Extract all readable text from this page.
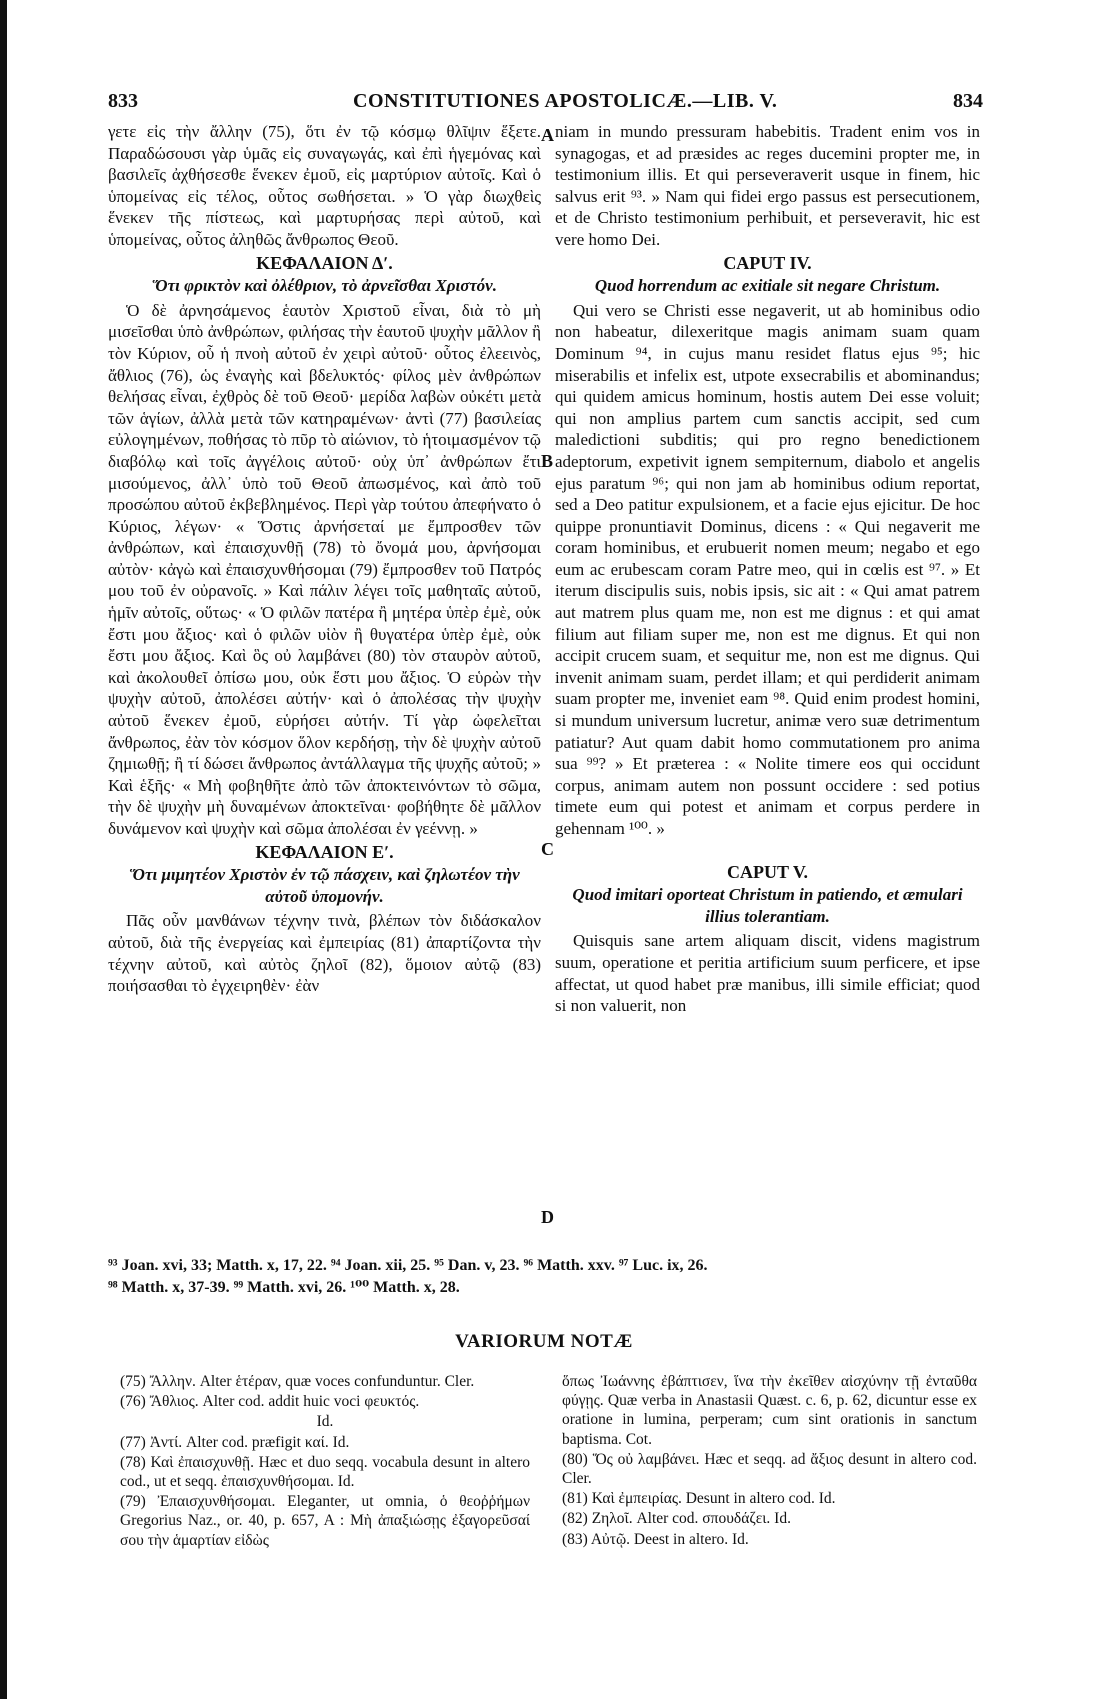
833	CONSTITUTIONES APOSTOLICÆ.—LIB. V.	834

γετε εἰς τὴν ἄλλην (75), ὅτι ἐν τῷ κόσμῳ θλῖψιν ἕξετε. Παραδώσουσι γὰρ ὑμᾶς εἰς συναγωγάς, καὶ ἐπὶ ἡγεμόνας καὶ βασιλεῖς ἀχθήσεσθε ἕνεκεν ἐμοῦ, εἰς μαρτύριον αὐτοῖς. Καὶ ὁ ὑπομείνας εἰς τέλος, οὗτος σωθήσεται. » Ὁ γὰρ διωχθεὶς ἕνεκεν τῆς πίστεως, καὶ μαρτυρήσας περὶ αὐτοῦ, καὶ ὑπομείνας, οὗτος ἀληθῶς ἄνθρωπος Θεοῦ.

ΚΕΦΑΛΑΙΟΝ Δʹ.
Ὅτι φρικτὸν καὶ ὀλέθριον, τὸ ἀρνεῖσθαι Χριστόν.

Ὁ δὲ ἀρνησάμενος ἑαυτὸν Χριστοῦ εἶναι, διὰ τὸ μὴ μισεῖσθαι ὑπὸ ἀνθρώπων, φιλήσας τὴν ἑαυτοῦ ψυχὴν μᾶλλον ἢ τὸν Κύριον, οὗ ἡ πνοὴ αὐτοῦ ἐν χειρὶ αὐτοῦ· οὗτος ἐλεεινὸς, ἄθλιος (76), ὡς ἐναγὴς καὶ βδελυκτός· φίλος μὲν ἀνθρώπων θελήσας εἶναι, ἐχθρὸς δὲ τοῦ Θεοῦ· μερίδα λαβὼν οὐκέτι μετὰ τῶν ἁγίων, ἀλλὰ μετὰ τῶν κατηραμένων· ἀντὶ (77) βασιλείας εὐλογημένων, ποθήσας τὸ πῦρ τὸ αἰώνιον, τὸ ἡτοιμασμένον τῷ διαβόλῳ καὶ τοῖς ἀγγέλοις αὐτοῦ· οὐχ ὑπ᾽ ἀνθρώπων ἔτι μισούμενος, ἀλλ᾽ ὑπὸ τοῦ Θεοῦ ἀπωσμένος, καὶ ἀπὸ τοῦ προσώπου αὐτοῦ ἐκβεβλημένος. Περὶ γὰρ τούτου ἀπεφήνατο ὁ Κύριος, λέγων· « Ὅστις ἀρνήσεταί με ἔμπροσθεν τῶν ἀνθρώπων, καὶ ἐπαισχυνθῇ (78) τὸ ὄνομά μου, ἀρνήσομαι αὐτὸν· κἀγὼ καὶ ἐπαισχυνθήσομαι (79) ἔμπροσθεν τοῦ Πατρός μου τοῦ ἐν οὐρανοῖς. » Καὶ πάλιν λέγει τοῖς μαθηταῖς αὐτοῦ, ἡμῖν αὐτοῖς, οὕτως· « Ὁ φιλῶν πατέρα ἢ μητέρα ὑπὲρ ἐμὲ, οὐκ ἔστι μου ἄξιος· καὶ ὁ φιλῶν υἱὸν ἢ θυγατέρα ὑπὲρ ἐμὲ, οὐκ ἔστι μου ἄξιος. Καὶ ὃς οὐ λαμβάνει (80) τὸν σταυρὸν αὐτοῦ, καὶ ἀκολουθεῖ ὀπίσω μου, οὐκ ἔστι μου ἄξιος. Ὁ εὑρὼν τὴν ψυχὴν αὐτοῦ, ἀπολέσει αὐτήν· καὶ ὁ ἀπολέσας τὴν ψυχὴν αὐτοῦ ἕνεκεν ἐμοῦ, εὑρήσει αὐτήν. Τί γὰρ ὠφελεῖται ἄνθρωπος, ἐὰν τὸν κόσμον ὅλον κερδήσῃ, τὴν δὲ ψυχὴν αὐτοῦ ζημιωθῇ; ἢ τί δώσει ἄνθρωπος ἀντάλλαγμα τῆς ψυχῆς αὐτοῦ; » Καὶ ἑξῆς· « Μὴ φοβηθῆτε ἀπὸ τῶν ἀποκτεινόντων τὸ σῶμα, τὴν δὲ ψυχὴν μὴ δυναμένων ἀποκτεῖναι· φοβήθητε δὲ μᾶλλον δυνάμενον καὶ ψυχὴν καὶ σῶμα ἀπολέσαι ἐν γεέννῃ. »

ΚΕΦΑΛΑΙΟΝ Εʹ.
Ὅτι μιμητέον Χριστὸν ἐν τῷ πάσχειν, καὶ ζηλωτέον τὴν αὐτοῦ ὑπομονήν.

Πᾶς οὖν μανθάνων τέχνην τινὰ, βλέπων τὸν διδάσκαλον αὐτοῦ, διὰ τῆς ἐνεργείας καὶ ἐμπειρίας (81) ἀπαρτίζοντα τὴν τέχνην αὐτοῦ, καὶ αὐτὸς ζηλοῖ (82), ὅμοιον αὐτῷ (83) ποιήσασθαι τὸ ἐγχειρηθὲν· ἐὰν

A
B
C
D

niam in mundo pressuram habebitis. Tradent enim vos in synagogas, et ad præsides ac reges ducemini propter me, in testimonium illis. Et qui perseveraverit usque in finem, hic salvus erit ⁹³. » Nam qui fidei ergo passus est persecutionem, et de Christo testimonium perhibuit, et perseveravit, hic est vere homo Dei.

CAPUT IV.
Quod horrendum ac exitiale sit negare Christum.

Qui vero se Christi esse negaverit, ut ab hominibus odio non habeatur, dilexeritque magis animam suam quam Dominum ⁹⁴, in cujus manu residet flatus ejus ⁹⁵; hic miserabilis et infelix est, utpote exsecrabilis et abominandus; qui quidem amicus hominum, hostis autem Dei esse voluit; qui non amplius partem cum sanctis accipit, sed cum maledictioni subditis; qui pro regno benedictionem adeptorum, expetivit ignem sempiternum, diabolo et angelis ejus paratum ⁹⁶; qui non jam ab hominibus odium reportat, sed a Deo patitur expulsionem, et a facie ejus ejicitur. De hoc quippe pronuntiavit Dominus, dicens : « Qui negaverit me coram hominibus, et erubuerit nomen meum; negabo et ego eum ac erubescam coram Patre meo, qui in cœlis est ⁹⁷. » Et iterum discipulis suis, nobis ipsis, sic ait : « Qui amat patrem aut matrem plus quam me, non est me dignus : et qui amat filium aut filiam super me, non est me dignus. Et qui non accipit crucem suam, et sequitur me, non est me dignus. Qui invenit animam suam, perdet illam; et qui perdiderit animam suam propter me, inveniet eam ⁹⁸. Quid enim prodest homini, si mundum universum lucretur, animæ vero suæ detrimentum patiatur? Aut quam dabit homo commutationem pro anima sua ⁹⁹? » Et præterea : « Nolite timere eos qui occidunt corpus, animam autem non possunt occidere : sed potius timete eum qui potest et animam et corpus perdere in gehennam ¹⁰⁰. »

CAPUT V.
Quod imitari oporteat Christum in patiendo, et æmulari illius tolerantiam.

Quisquis sane artem aliquam discit, videns magistrum suum, operatione et peritia artificium suum perficere, et ipse affectat, ut quod habet præ manibus, illi simile efficiat; quod si non valuerit, non

⁹³ Joan. xvi, 33; Matth. x, 17, 22. ⁹⁴ Joan. xii, 25. ⁹⁵ Dan. v, 23. ⁹⁶ Matth. xxv. ⁹⁷ Luc. ix, 26.

⁹⁸ Matth. x, 37-39. ⁹⁹ Matth. xvi, 26. ¹⁰⁰ Matth. x, 28.

VARIORUM NOTÆ

(75) Ἄλλην. Alter ἑτέραν, quæ voces confunduntur. Cler.

(76) Ἄθλιος. Alter cod. addit huic voci φευκτός.

Id.

(77) Ἀντί. Alter cod. præfigit καί. Id.

(78) Καὶ ἐπαισχυνθῇ. Hæc et duo seqq. vocabula desunt in altero cod., ut et seqq. ἐπαισχυνθήσομαι. Id.

(79) Ἐπαισχυνθήσομαι. Eleganter, ut omnia, ὁ θεοῤῥήμων Gregorius Naz., or. 40, p. 657, A : Μὴ ἀπαξιώσῃς ἐξαγορεῦσαί σου τὴν ἁμαρτίαν εἰδὼς

ὅπως Ἰωάννης ἐβάπτισεν, ἵνα τὴν ἐκεῖθεν αἰσχύνην τῇ ἐνταῦθα φύγῃς. Quæ verba in Anastasii Quæst. c. 6, p. 62, dicuntur esse ex oratione in lumina, perperam; cum sint orationis in sanctum baptisma. Cot.

(80) Ὅς οὐ λαμβάνει. Hæc et seqq. ad ἄξιος desunt in altero cod. Cler.

(81) Καὶ ἐμπειρίας. Desunt in altero cod. Id.

(82) Ζηλοῖ. Alter cod. σπουδάζει. Id.

(83) Αὐτῷ. Deest in altero. Id.
